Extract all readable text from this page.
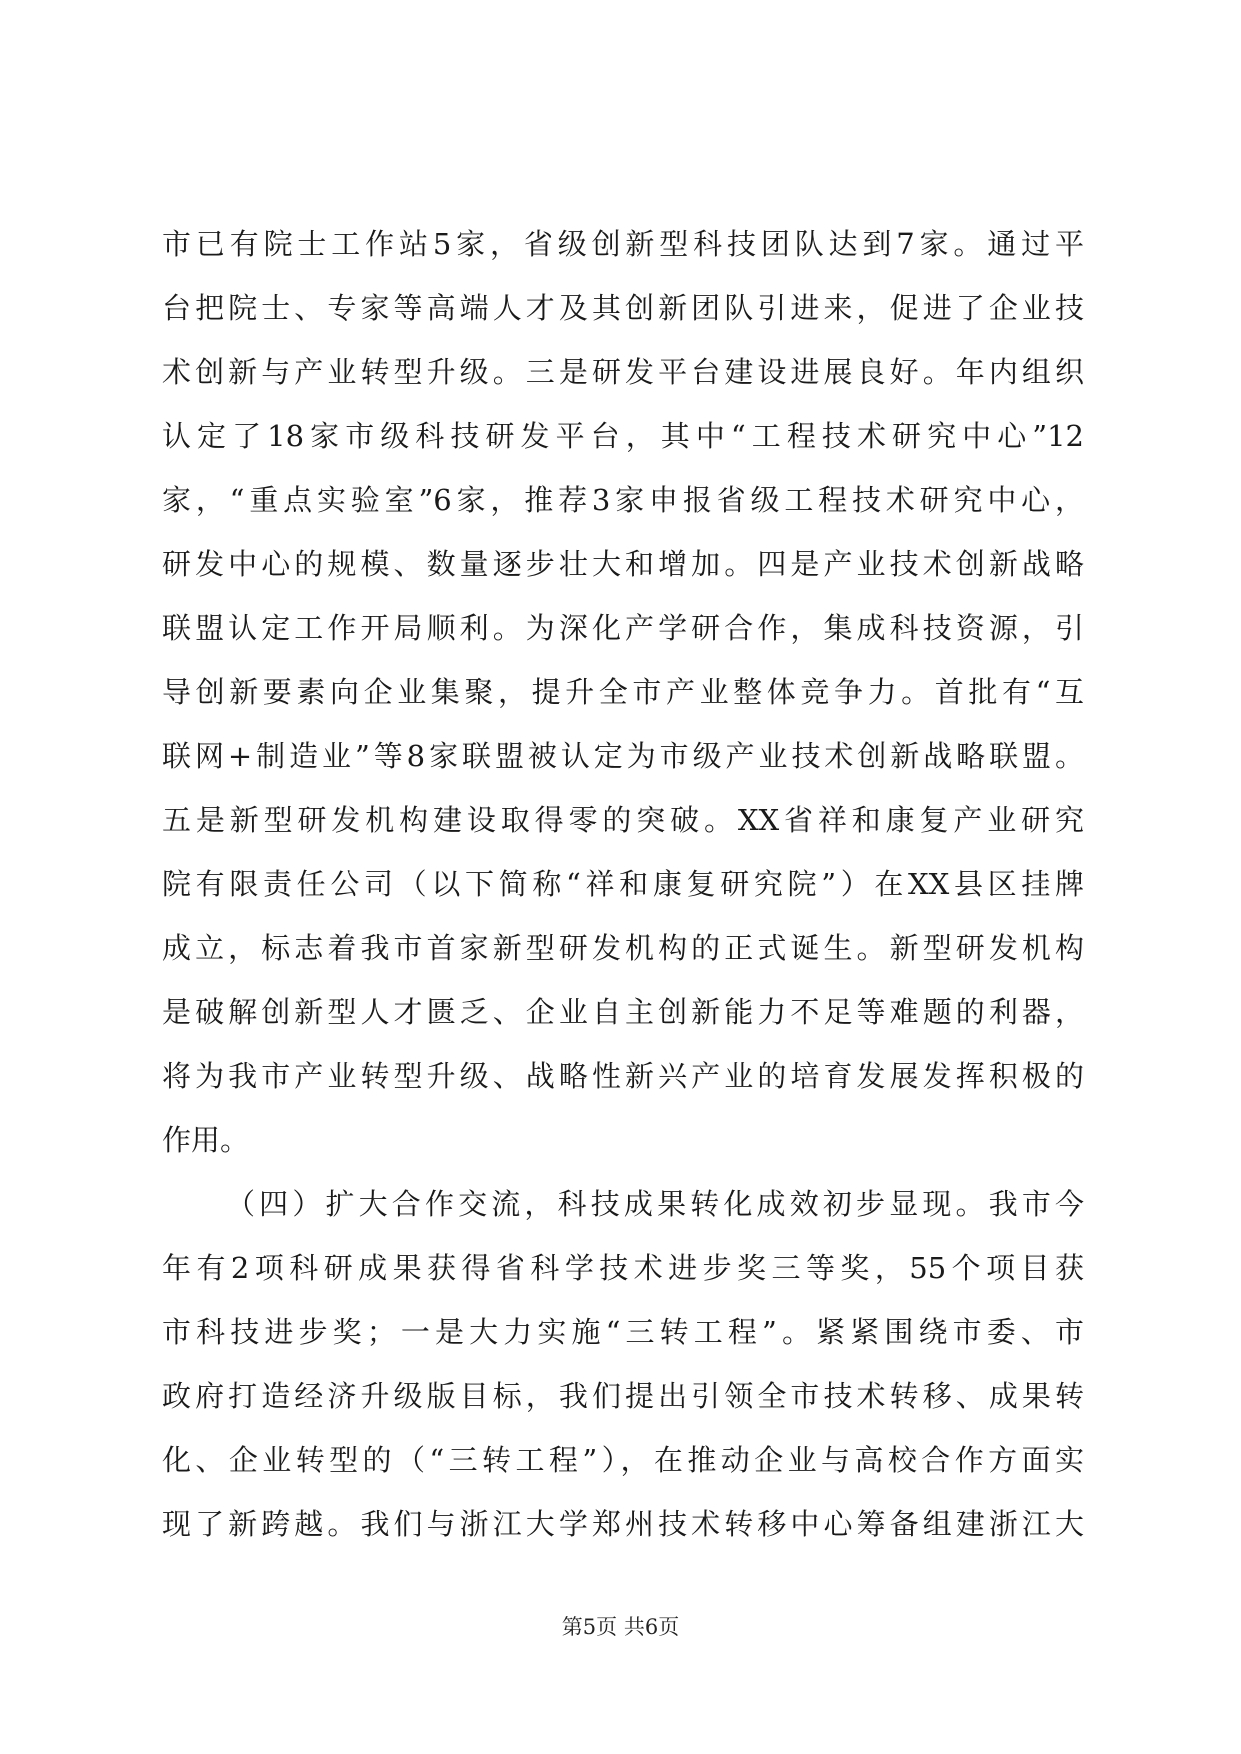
市已有院士工作站5家，省级创新型科技团队达到7家。通过平
台把院士、专家等高端人才及其创新团队引进来，促进了企业技
术创新与产业转型升级。三是研发平台建设进展良好。年内组织
认定了18家市级科技研发平台，其中“工程技术研究中心”12
家，“重点实验室”6家，推荐3家申报省级工程技术研究中心，
研发中心的规模、数量逐步壮大和增加。四是产业技术创新战略
联盟认定工作开局顺利。为深化产学研合作，集成科技资源，引
导创新要素向企业集聚，提升全市产业整体竞争力。首批有“互
联网+制造业”等8家联盟被认定为市级产业技术创新战略联盟。
五是新型研发机构建设取得零的突破。XX省祥和康复产业研究
院有限责任公司（以下简称“祥和康复研究院”）在XX县区挂牌
成立，标志着我市首家新型研发机构的正式诞生。新型研发机构
是破解创新型人才匮乏、企业自主创新能力不足等难题的利器，
将为我市产业转型升级、战略性新兴产业的培育发展发挥积极的
作用。
（四）扩大合作交流，科技成果转化成效初步显现。我市今
年有2项科研成果获得省科学技术进步奖三等奖，55个项目获
市科技进步奖；一是大力实施“三转工程”。紧紧围绕市委、市
政府打造经济升级版目标，我们提出引领全市技术转移、成果转
化、企业转型的（“三转工程”），在推动企业与高校合作方面实
现了新跨越。我们与浙江大学郑州技术转移中心筹备组建浙江大
第5页 共6页
